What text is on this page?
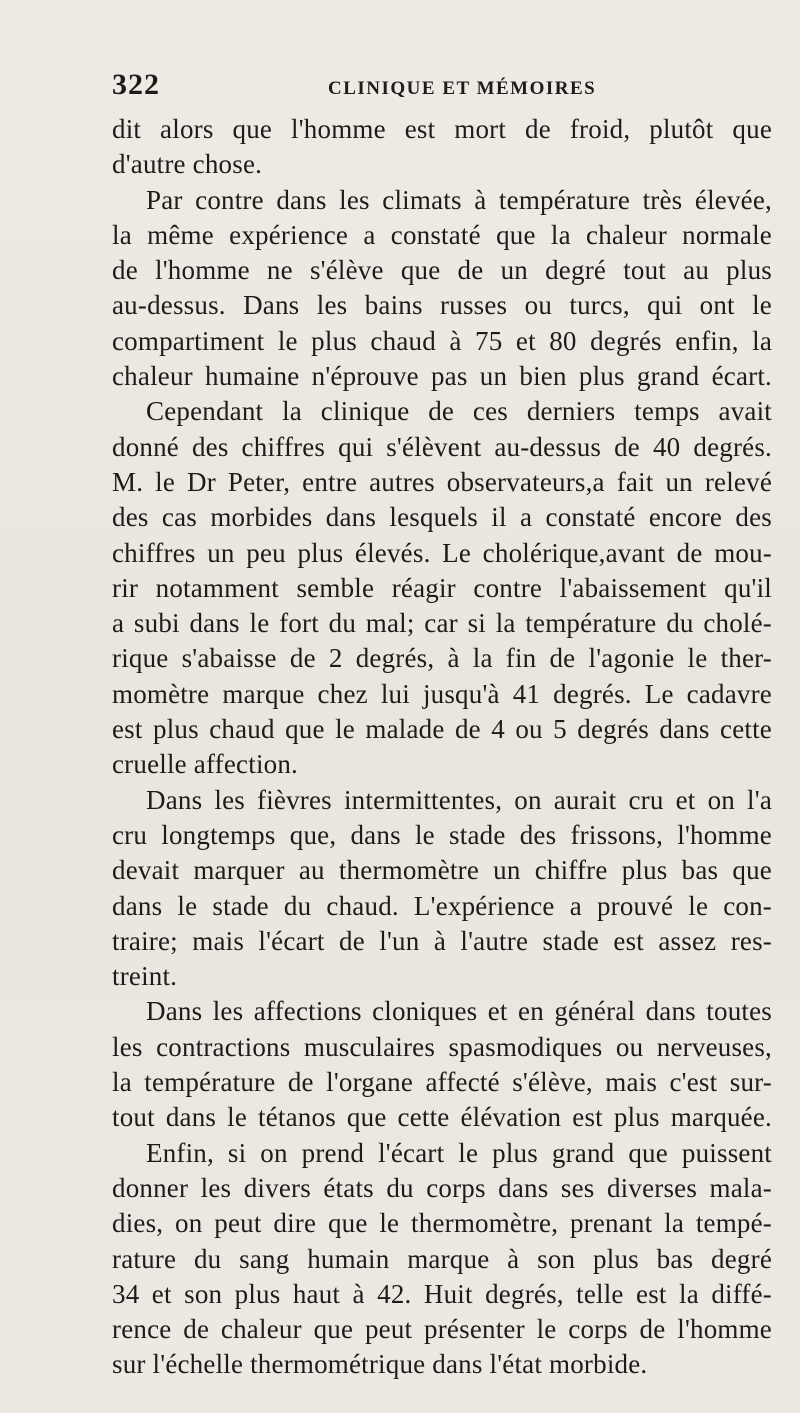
322	CLINIQUE ET MÉMOIRES
dit alors que l'homme est mort de froid, plutôt que
d'autre chose.
Par contre dans les climats à température très élevée,
la même expérience a constaté que la chaleur normale
de l'homme ne s'élève que de un degré tout au plus
au-dessus. Dans les bains russes ou turcs, qui ont le
compartiment le plus chaud à 75 et 80 degrés enfin, la
chaleur humaine n'éprouve pas un bien plus grand écart.
Cependant la clinique de ces derniers temps avait
donné des chiffres qui s'élèvent au-dessus de 40 degrés.
M. le Dr Peter, entre autres observateurs,a fait un relevé
des cas morbides dans lesquels il a constaté encore des
chiffres un peu plus élevés. Le cholérique,avant de mou-
rir notamment semble réagir contre l'abaissement qu'il
a subi dans le fort du mal; car si la température du cholé-
rique s'abaisse de 2 degrés, à la fin de l'agonie le ther-
momètre marque chez lui jusqu'à 41 degrés. Le cadavre
est plus chaud que le malade de 4 ou 5 degrés dans cette
cruelle affection.
Dans les fièvres intermittentes, on aurait cru et on l'a
cru longtemps que, dans le stade des frissons, l'homme
devait marquer au thermomètre un chiffre plus bas que
dans le stade du chaud. L'expérience a prouvé le con-
traire; mais l'écart de l'un à l'autre stade est assez res-
treint.
Dans les affections cloniques et en général dans toutes
les contractions musculaires spasmodiques ou nerveuses,
la température de l'organe affecté s'élève, mais c'est sur-
tout dans le tétanos que cette élévation est plus marquée.
Enfin, si on prend l'écart le plus grand que puissent
donner les divers états du corps dans ses diverses mala-
dies, on peut dire que le thermomètre, prenant la tempé-
rature du sang humain marque à son plus bas degré
34 et son plus haut à 42. Huit degrés, telle est la diffé-
rence de chaleur que peut présenter le corps de l'homme
sur l'échelle thermométrique dans l'état morbide.
